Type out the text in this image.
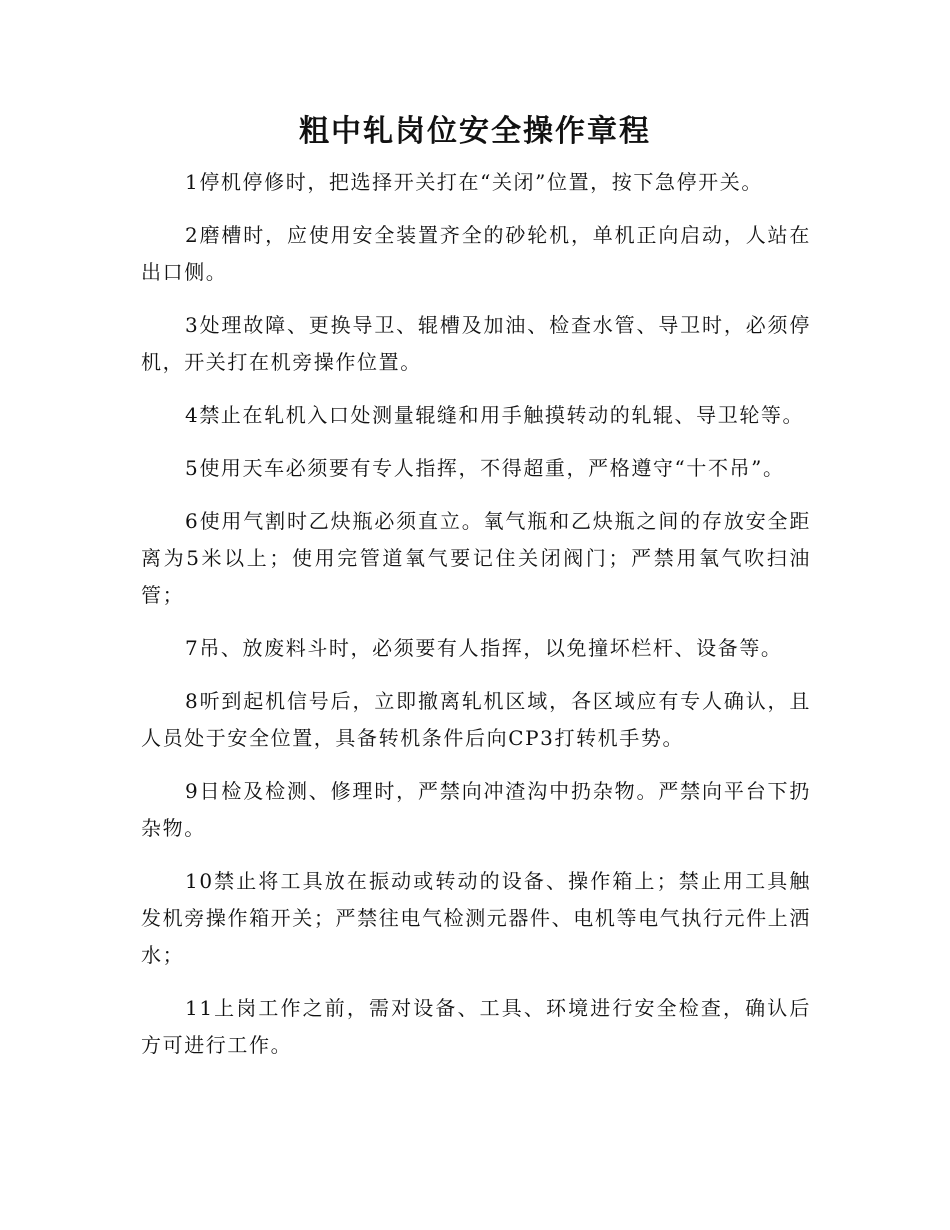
粗中轧岗位安全操作章程

1停机停修时，把选择开关打在“关闭”位置，按下急停开关。

2磨槽时，应使用安全装置齐全的砂轮机，单机正向启动，人站在出口侧。

3处理故障、更换导卫、辊槽及加油、检查水管、导卫时，必须停机，开关打在机旁操作位置。

4禁止在轧机入口处测量辊缝和用手触摸转动的轧辊、导卫轮等。

5使用天车必须要有专人指挥，不得超重，严格遵守“十不吊”。

6使用气割时乙炔瓶必须直立。氧气瓶和乙炔瓶之间的存放安全距离为5米以上；使用完管道氧气要记住关闭阀门；严禁用氧气吹扫油管；

7吊、放废料斗时，必须要有人指挥，以免撞坏栏杆、设备等。

8听到起机信号后，立即撤离轧机区域，各区域应有专人确认，且人员处于安全位置，具备转机条件后向CP3打转机手势。

9日检及检测、修理时，严禁向冲渣沟中扔杂物。严禁向平台下扔杂物。

10禁止将工具放在振动或转动的设备、操作箱上；禁止用工具触发机旁操作箱开关；严禁往电气检测元器件、电机等电气执行元件上洒水；

11上岗工作之前，需对设备、工具、环境进行安全检查，确认后方可进行工作。
